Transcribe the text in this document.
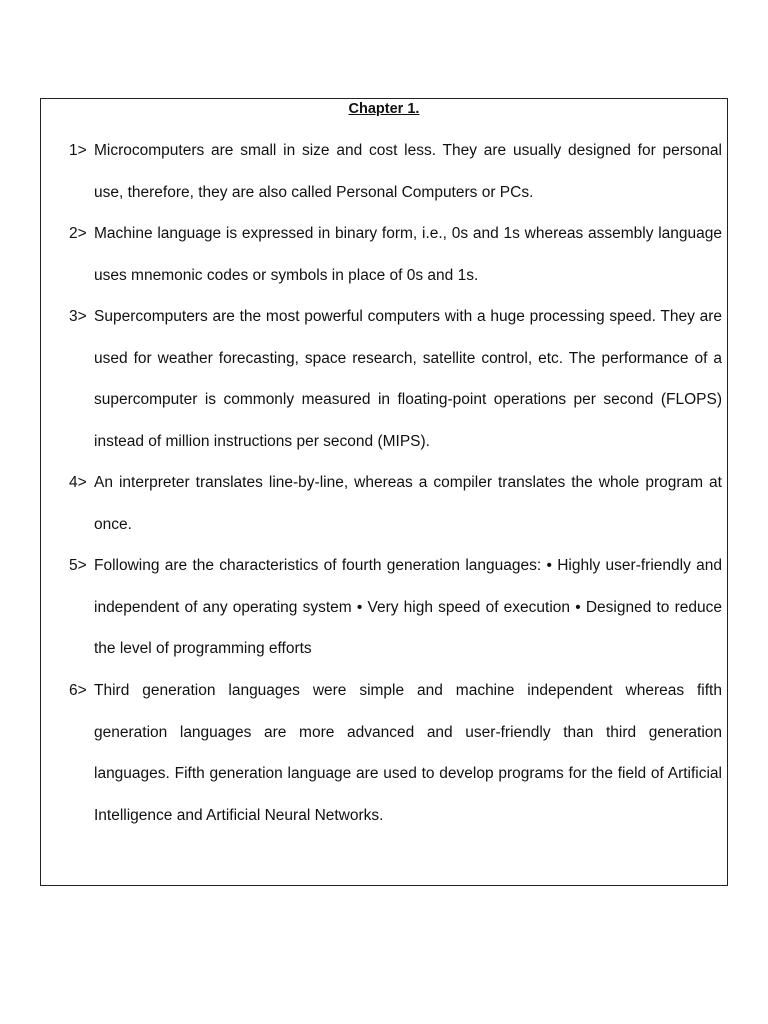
Chapter 1.
1> Microcomputers are small in size and cost less. They are usually designed for personal use, therefore, they are also called Personal Computers or PCs.
2> Machine language is expressed in binary form, i.e., 0s and 1s whereas assembly language uses mnemonic codes or symbols in place of 0s and 1s.
3> Supercomputers are the most powerful computers with a huge processing speed. They are used for weather forecasting, space research, satellite control, etc. The performance of a supercomputer is commonly measured in floating-point operations per second (FLOPS) instead of million instructions per second (MIPS).
4> An interpreter translates line-by-line, whereas a compiler translates the whole program at once.
5> Following are the characteristics of fourth generation languages: • Highly user-friendly and independent of any operating system • Very high speed of execution • Designed to reduce the level of programming efforts
6> Third generation languages were simple and machine independent whereas fifth generation languages are more advanced and user-friendly than third generation languages. Fifth generation language are used to develop programs for the field of Artificial Intelligence and Artificial Neural Networks.
